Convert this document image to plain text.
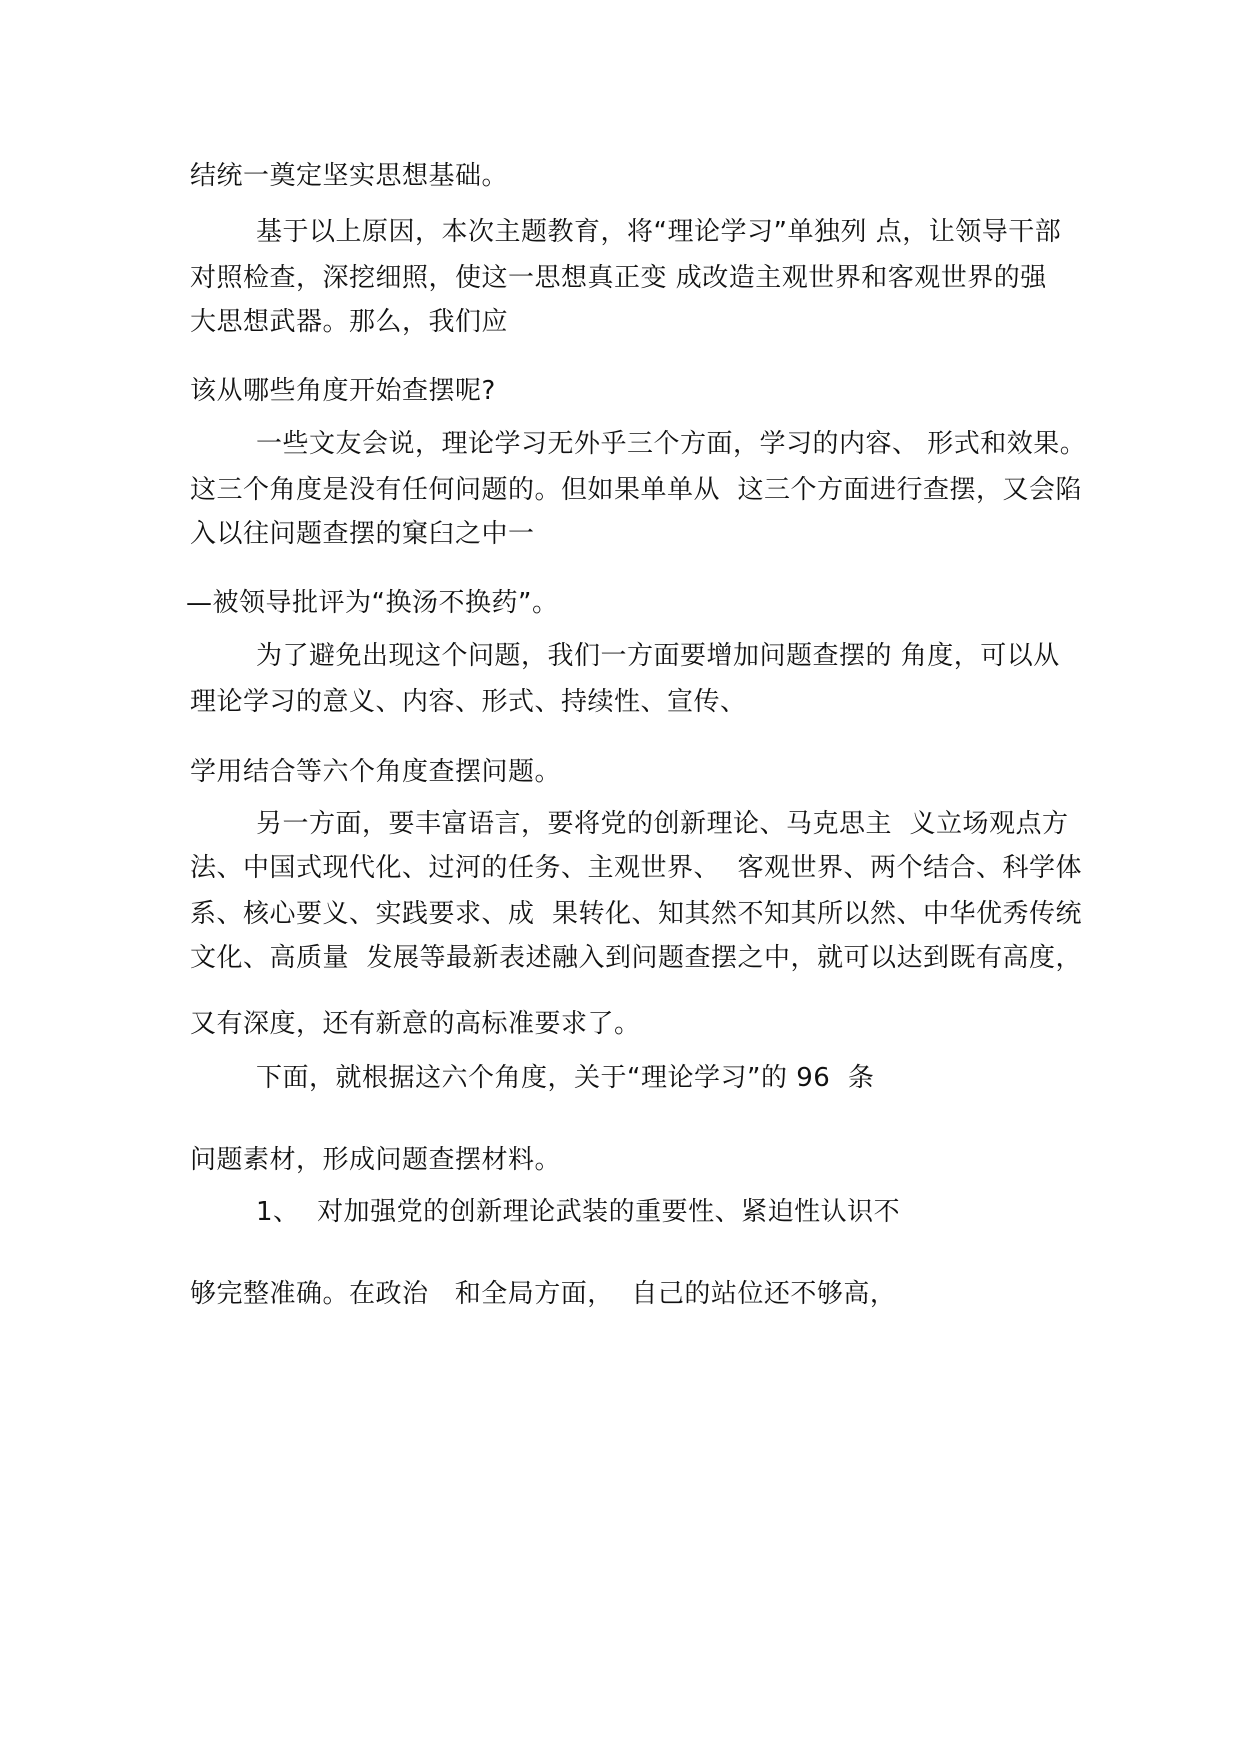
结统一奠定坚实思想基础。
基于以上原因，本次主题教育，将“理论学习”单独列 点，让领导干部
对照检查，深挖细照，使这一思想真正变 成改造主观世界和客观世界的强
大思想武器。那么，我们应
该从哪些角度开始查摆呢?
一些文友会说，理论学习无外乎三个方面，学习的内容、 形式和效果。
这三个角度是没有任何问题的。但如果单单从  这三个方面进行查摆，又会陷
入以往问题查摆的窠臼之中一
—被领导批评为“换汤不换药”。
为了避免出现这个问题，我们一方面要增加问题查摆的 角度，可以从
理论学习的意义、内容、形式、持续性、宣传、
学用结合等六个角度查摆问题。
另一方面，要丰富语言，要将党的创新理论、马克思主  义立场观点方
法、中国式现代化、过河的任务、主观世界、  客观世界、两个结合、科学体
系、核心要义、实践要求、成  果转化、知其然不知其所以然、中华优秀传统
文化、高质量  发展等最新表述融入到问题查摆之中，就可以达到既有高度，
又有深度，还有新意的高标准要求了。
下面，就根据这六个角度，关于“理论学习”的 96  条
问题素材，形成问题查摆材料。
1、  对加强党的创新理论武装的重要性、紧迫性认识不
够完整准确。在政治   和全局方面，  自己的站位还不够高，
